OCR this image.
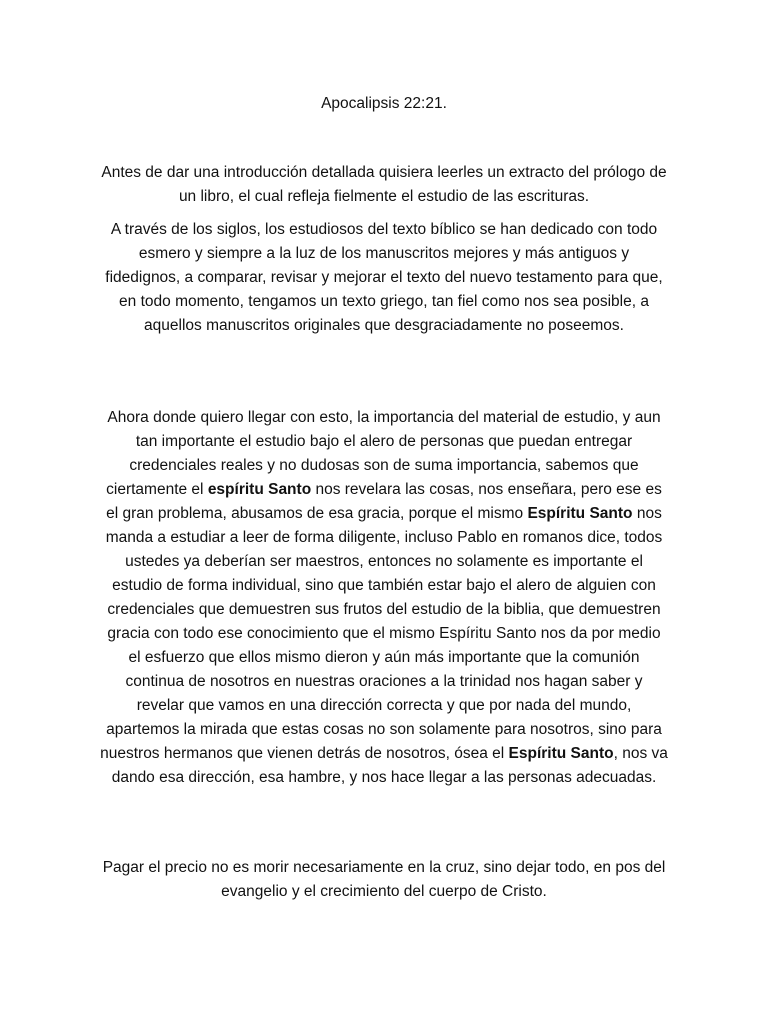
Apocalipsis 22:21.

Antes de dar una introducción detallada quisiera leerles un extracto del prólogo de un libro, el cual refleja fielmente el estudio de las escrituras.

A través de los siglos, los estudiosos del texto bíblico se han dedicado con todo esmero y siempre a la luz de los manuscritos mejores y más antiguos y fidedignos, a comparar, revisar y mejorar el texto del nuevo testamento para que, en todo momento, tengamos un texto griego, tan fiel como nos sea posible, a aquellos manuscritos originales que desgraciadamente no poseemos.

Ahora donde quiero llegar con esto, la importancia del material de estudio, y aun tan importante el estudio bajo el alero de personas que puedan entregar credenciales reales y no dudosas son de suma importancia, sabemos que ciertamente el espíritu Santo nos revelara las cosas, nos enseñara, pero ese es el gran problema, abusamos de esa gracia, porque el mismo Espíritu Santo nos manda a estudiar a leer de forma diligente, incluso Pablo en romanos dice, todos ustedes ya deberían ser maestros, entonces no solamente es importante el estudio de forma individual, sino que también estar bajo el alero de alguien con credenciales que demuestren sus frutos del estudio de la biblia, que demuestren gracia con todo ese conocimiento que el mismo Espíritu Santo nos da por medio el esfuerzo que ellos mismo dieron y aún más importante que la comunión continua de nosotros en nuestras oraciones a la trinidad nos hagan saber y revelar que vamos en una dirección correcta y que por nada del mundo, apartemos la mirada que estas cosas no son solamente para nosotros, sino para nuestros hermanos que vienen detrás de nosotros, ósea el Espíritu Santo, nos va dando esa dirección, esa hambre, y nos hace llegar a las personas adecuadas.

Pagar el precio no es morir necesariamente en la cruz, sino dejar todo, en pos del evangelio y el crecimiento del cuerpo de Cristo.
